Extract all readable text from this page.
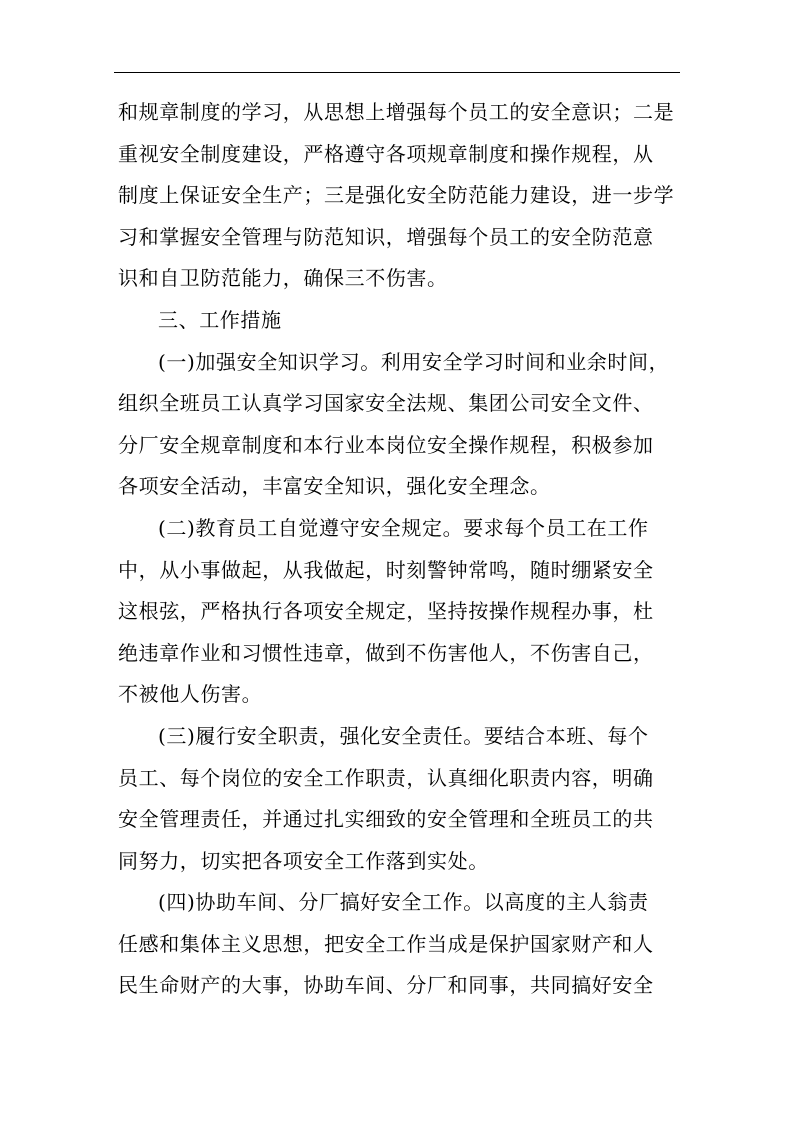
和规章制度的学习，从思想上增强每个员工的安全意识；二是
重视安全制度建设，严格遵守各项规章制度和操作规程，从
制度上保证安全生产；三是强化安全防范能力建设，进一步学
习和掌握安全管理与防范知识，增强每个员工的安全防范意
识和自卫防范能力，确保三不伤害。
三、工作措施
(一)加强安全知识学习。利用安全学习时间和业余时间，
组织全班员工认真学习国家安全法规、集团公司安全文件、
分厂安全规章制度和本行业本岗位安全操作规程，积极参加
各项安全活动，丰富安全知识，强化安全理念。
(二)教育员工自觉遵守安全规定。要求每个员工在工作
中，从小事做起，从我做起，时刻警钟常鸣，随时绷紧安全
这根弦，严格执行各项安全规定，坚持按操作规程办事，杜
绝违章作业和习惯性违章，做到不伤害他人，不伤害自己，
不被他人伤害。
(三)履行安全职责，强化安全责任。要结合本班、每个
员工、每个岗位的安全工作职责，认真细化职责内容，明确
安全管理责任，并通过扎实细致的安全管理和全班员工的共
同努力，切实把各项安全工作落到实处。
(四)协助车间、分厂搞好安全工作。以高度的主人翁责
任感和集体主义思想，把安全工作当成是保护国家财产和人
民生命财产的大事，协助车间、分厂和同事，共同搞好安全
